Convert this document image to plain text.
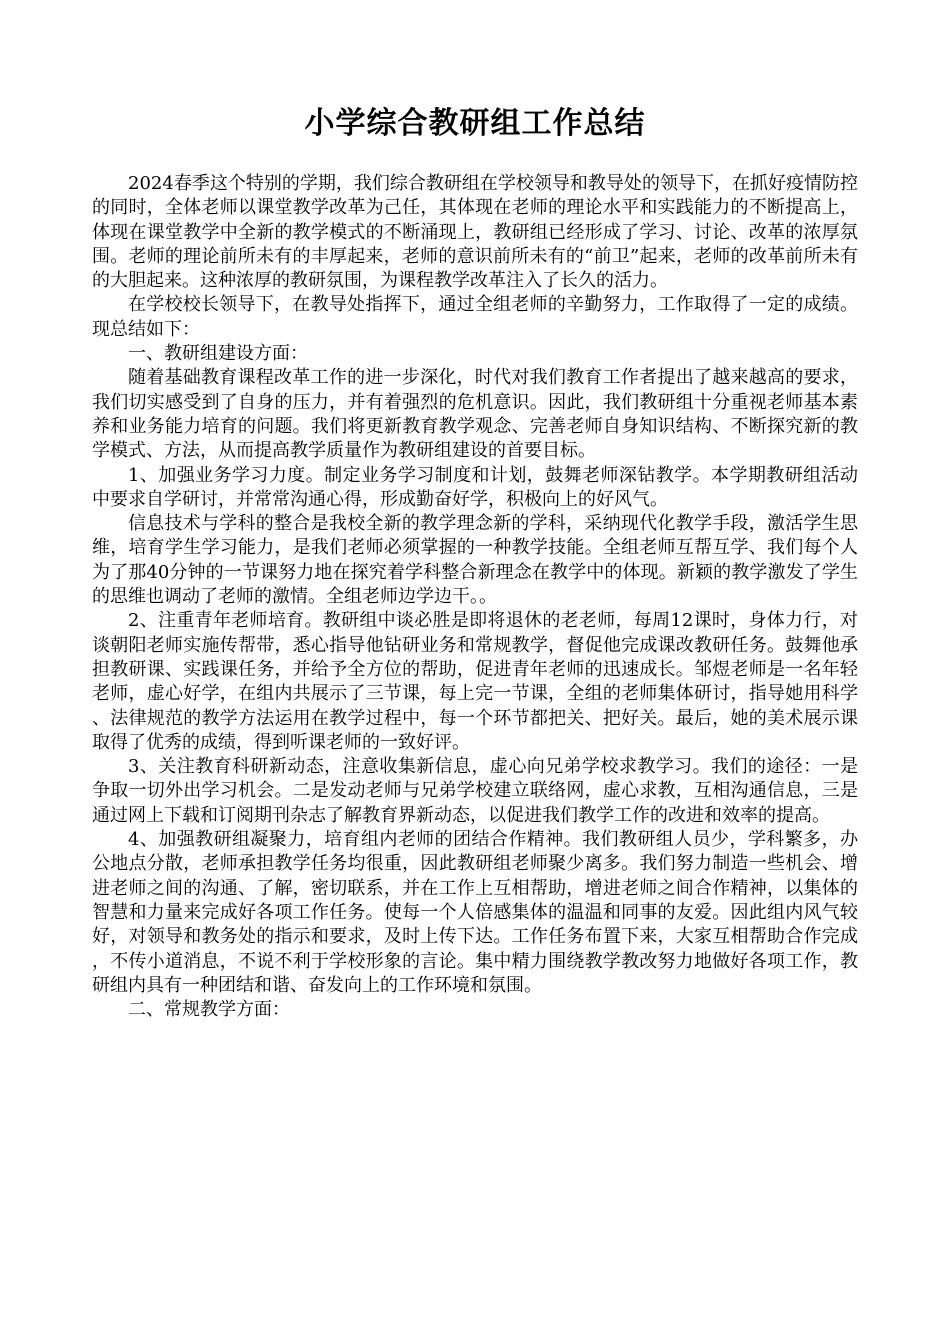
小学综合教研组工作总结

2024春季这个特别的学期，我们综合教研组在学校领导和教导处的领导下，在抓好疫情防控的同时，全体老师以课堂教学改革为己任，其体现在老师的理论水平和实践能力的不断提高上，体现在课堂教学中全新的教学模式的不断涌现上，教研组已经形成了学习、讨论、改革的浓厚氛围。老师的理论前所未有的丰厚起来，老师的意识前所未有的“前卫”起来，老师的改革前所未有的大胆起来。这种浓厚的教研氛围，为课程教学改革注入了长久的活力。

在学校校长领导下，在教导处指挥下，通过全组老师的辛勤努力，工作取得了一定的成绩。现总结如下：

一、教研组建设方面：

随着基础教育课程改革工作的进一步深化，时代对我们教育工作者提出了越来越高的要求，我们切实感受到了自身的压力，并有着强烈的危机意识。因此，我们教研组十分重视老师基本素养和业务能力培育的问题。我们将更新教育教学观念、完善老师自身知识结构、不断探究新的教学模式、方法，从而提高教学质量作为教研组建设的首要目标。

1、加强业务学习力度。制定业务学习制度和计划，鼓舞老师深钻教学。本学期教研组活动中要求自学研讨，并常常沟通心得，形成勤奋好学，积极向上的好风气。

信息技术与学科的整合是我校全新的教学理念新的学科，采纳现代化教学手段，激活学生思维，培育学生学习能力，是我们老师必须掌握的一种教学技能。全组老师互帮互学、我们每个人为了那40分钟的一节课努力地在探究着学科整合新理念在教学中的体现。新颖的教学激发了学生的思维也调动了老师的激情。全组老师边学边干。。

2、注重青年老师培育。教研组中谈必胜是即将退休的老老师，每周12课时，身体力行，对谈朝阳老师实施传帮带，悉心指导他钻研业务和常规教学，督促他完成课改教研任务。鼓舞他承担教研课、实践课任务，并给予全方位的帮助，促进青年老师的迅速成长。邹煜老师是一名年轻老师，虚心好学，在组内共展示了三节课，每上完一节课，全组的老师集体研讨，指导她用科学、法律规范的教学方法运用在教学过程中，每一个环节都把关、把好关。最后，她的美术展示课取得了优秀的成绩，得到听课老师的一致好评。

3、关注教育科研新动态，注意收集新信息，虚心向兄弟学校求教学习。我们的途径：一是争取一切外出学习机会。二是发动老师与兄弟学校建立联络网，虚心求教，互相沟通信息，三是通过网上下载和订阅期刊杂志了解教育界新动态，以促进我们教学工作的改进和效率的提高。

4、加强教研组凝聚力，培育组内老师的团结合作精神。我们教研组人员少，学科繁多，办公地点分散，老师承担教学任务均很重，因此教研组老师聚少离多。我们努力制造一些机会、增进老师之间的沟通、了解，密切联系，并在工作上互相帮助，增进老师之间合作精神，以集体的智慧和力量来完成好各项工作任务。使每一个人倍感集体的温温和同事的友爱。因此组内风气较好，对领导和教务处的指示和要求，及时上传下达。工作任务布置下来，大家互相帮助合作完成，不传小道消息，不说不利于学校形象的言论。集中精力围绕教学教改努力地做好各项工作，教研组内具有一种团结和谐、奋发向上的工作环境和氛围。

二、常规教学方面：
